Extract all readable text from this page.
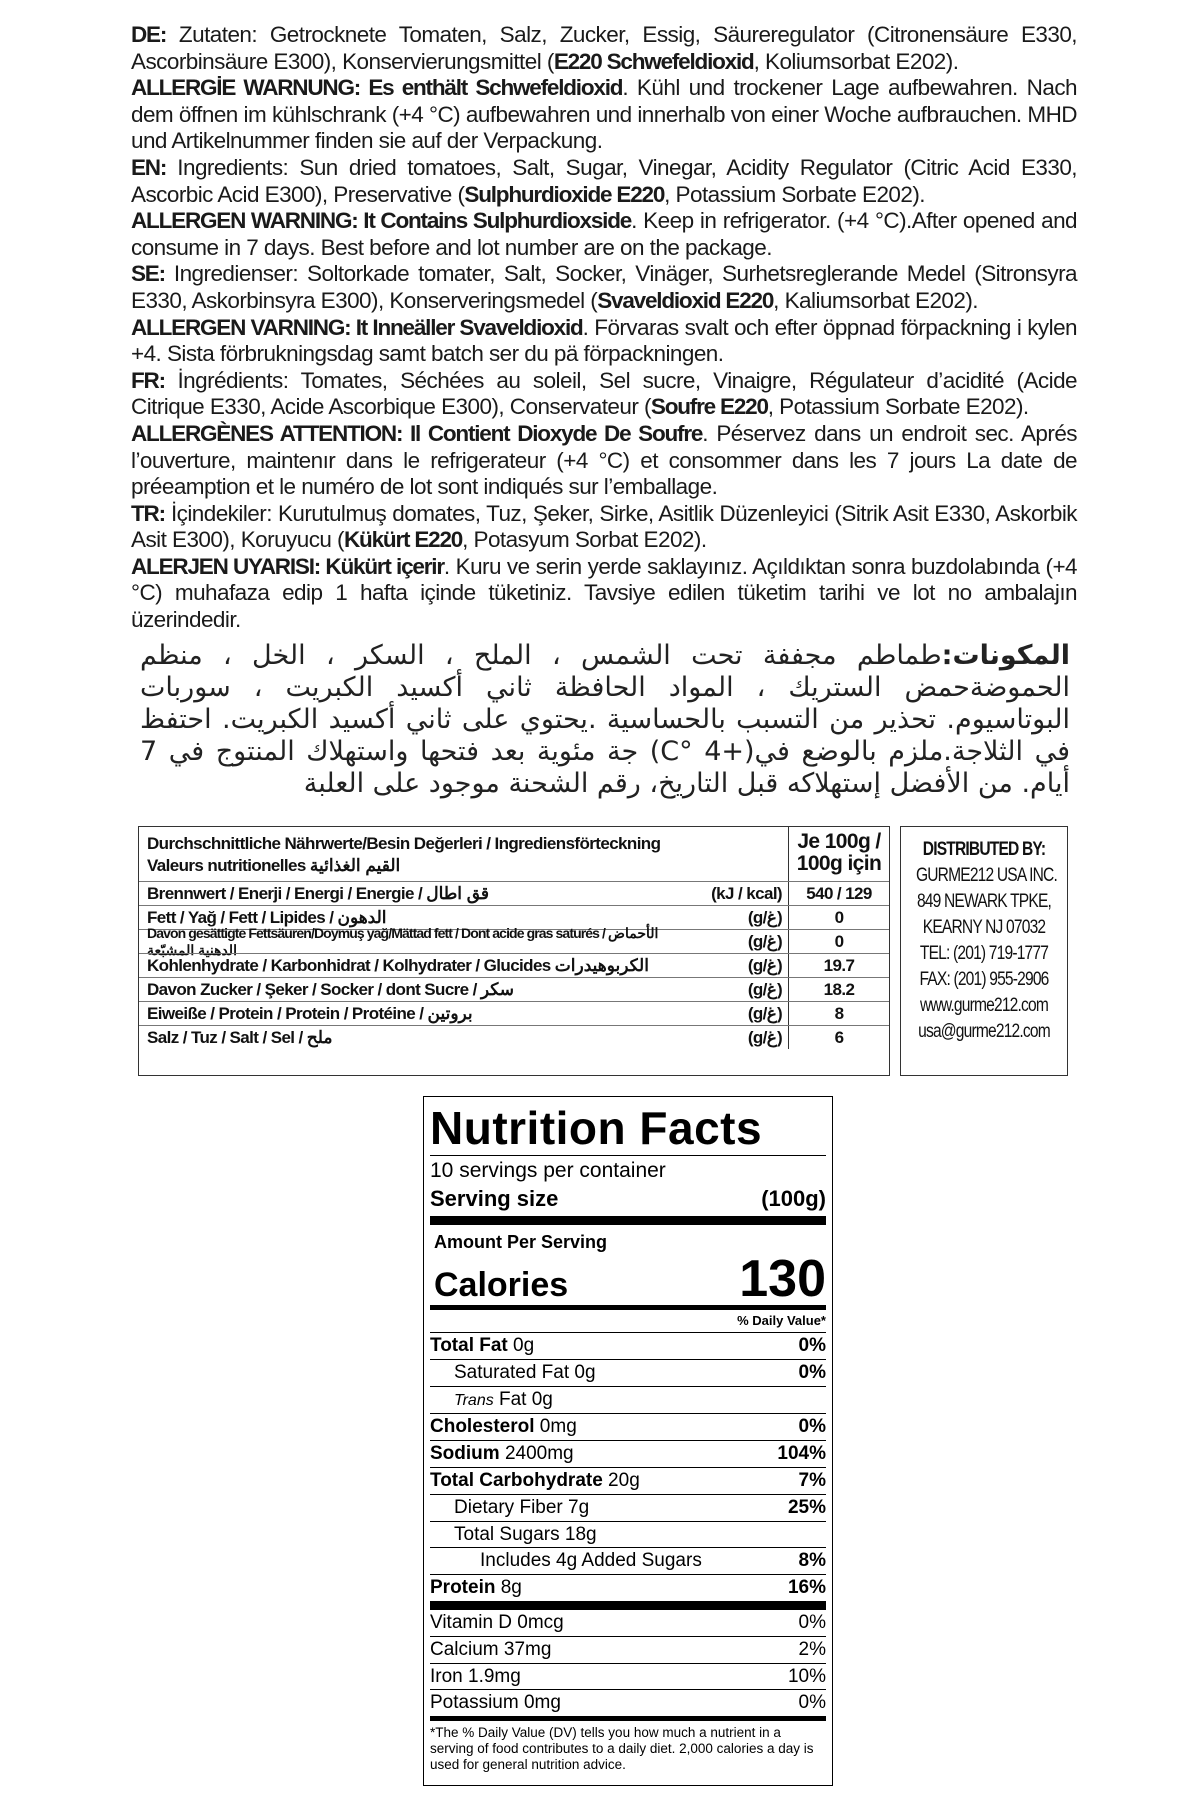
DE: Zutaten: Getrocknete Tomaten, Salz, Zucker, Essig, Säureregulator (Citronensäure E330, Ascorbinsäure E300), Konservierungsmittel (E220 Schwefeldioxid, Koliumsorbat E202).

ALLERGİE WARNUNG: Es enthält Schwefeldioxid. Kühl und trockener Lage aufbewahren. Nach dem öffnen im kühlschrank (+4 °C) aufbewahren und innerhalb von einer Woche aufbrauchen. MHD und Artikelnummer finden sie auf der Verpackung.

EN: Ingredients: Sun dried tomatoes, Salt, Sugar, Vinegar, Acidity Regulator (Citric Acid E330, Ascorbic Acid E300), Preservative (Sulphurdioxide E220, Potassium Sorbate E202).

ALLERGEN WARNING: It Contains Sulphurdioxside. Keep in refrigerator. (+4 °C).After opened and consume in 7 days. Best before and lot number are on the package.

SE: Ingredienser: Soltorkade tomater, Salt, Socker, Vinäger, Surhetsreglerande Medel (Sitronsyra E330, Askorbinsyra E300), Konserveringsmedel (Svaveldioxid E220, Kaliumsorbat E202).

ALLERGEN VARNING: It Inneäller Svaveldioxid. Förvaras svalt och efter öppnad förpackning i kylen +4. Sista förbrukningsdag samt batch ser du pä förpackningen.

FR: İngrédients: Tomates, Séchées au soleil, Sel sucre, Vinaigre, Régulateur d’acidité (Acide Citrique E330, Acide Ascorbique E300), Conservateur (Soufre E220, Potassium Sorbate E202).

ALLERGÈNES ATTENTION: Il Contient Dioxyde De Soufre. Péservez dans un endroit sec. Aprés l’ouverture, maintenır dans le refrigerateur (+4 °C) et consommer dans les 7 jours La date de préeamption et le numéro de lot sont indiqués sur l’emballage.

TR: İçindekiler: Kurutulmuş domates, Tuz, Şeker, Sirke, Asitlik Düzenleyici (Sitrik Asit E330, Askorbik Asit E300), Koruyucu (Kükürt E220, Potasyum Sorbat E202).

ALERJEN UYARISI: Kükürt içerir. Kuru ve serin yerde saklayınız. Açıldıktan sonra buzdolabında (+4 °C) muhafaza edip 1 hafta içinde tüketiniz. Tavsiye edilen tüketim tarihi ve lot no ambalajın üzerindedir.

المكونات:طماطم مجففة تحت الشمس ، الملح ، السكر ، الخل ، منظم الحموضةحمض الستريك ، المواد الحافظة ثاني أكسيد الكبريت ، سوربات البوتاسيوم. تحذير من التسبب بالحساسية .يحتوي على ثاني أكسيد الكبريت. احتفظ في الثلاجة.ملزم بالوضع في(+4 °C) جة مئوية بعد فتحها واستهلاك المنتوج في 7 أيام. من الأفضل إستهلاكه قبل التاريخ، رقم الشحنة موجود على العلبة
Durchschnittliche Nährwerte/Besin Değerleri / Ingrediensförteckning
Valeurs nutritionelles القيم الغذائية
Je 100g /
100g için
Brennwert / Enerji / Energi / Energie / قق اطال	(kJ / kcal)	540 / 129
Fett / Yağ / Fett / Lipides / الدهون	(g/غ)	0
Davon gesättigte Fettsäuren/Doymuş yağ/Mättad fett / Dont acide gras saturés / الأحماض الدهنية المشبّعة	(g/غ)	0
Kohlenhydrate / Karbonhidrat / Kolhydrater / Glucides الكربوهيدرات	(g/غ)	19.7
Davon Zucker / Şeker / Socker / dont Sucre / سكر	(g/غ)	18.2
Eiweiße / Protein / Protein / Protéine / بروتين	(g/غ)	8
Salz / Tuz / Salt / Sel / ملح	(g/غ)	6
DISTRIBUTED BY:
GURME212 USA INC.
849 NEWARK TPKE,
KEARNY NJ 07032
TEL: (201) 719-1777
FAX: (201) 955-2906
www.gurme212.com
usa@gurme212.com
Nutrition Facts
10 servings per container
Serving size	(100g)
Amount Per Serving
Calories	130
% Daily Value*
Total Fat 0g	0%
Saturated Fat 0g	0%
Trans Fat 0g
Cholesterol 0mg	0%
Sodium 2400mg	104%
Total Carbohydrate 20g	7%
Dietary Fiber 7g	25%
Total Sugars 18g
Includes 4g Added Sugars	8%
Protein 8g	16%
Vitamin D 0mcg	0%
Calcium 37mg	2%
Iron 1.9mg	10%
Potassium 0mg	0%
*The % Daily Value (DV) tells you how much a nutrient in a serving of food contributes to a daily diet. 2,000 calories a day is used for general nutrition advice.
